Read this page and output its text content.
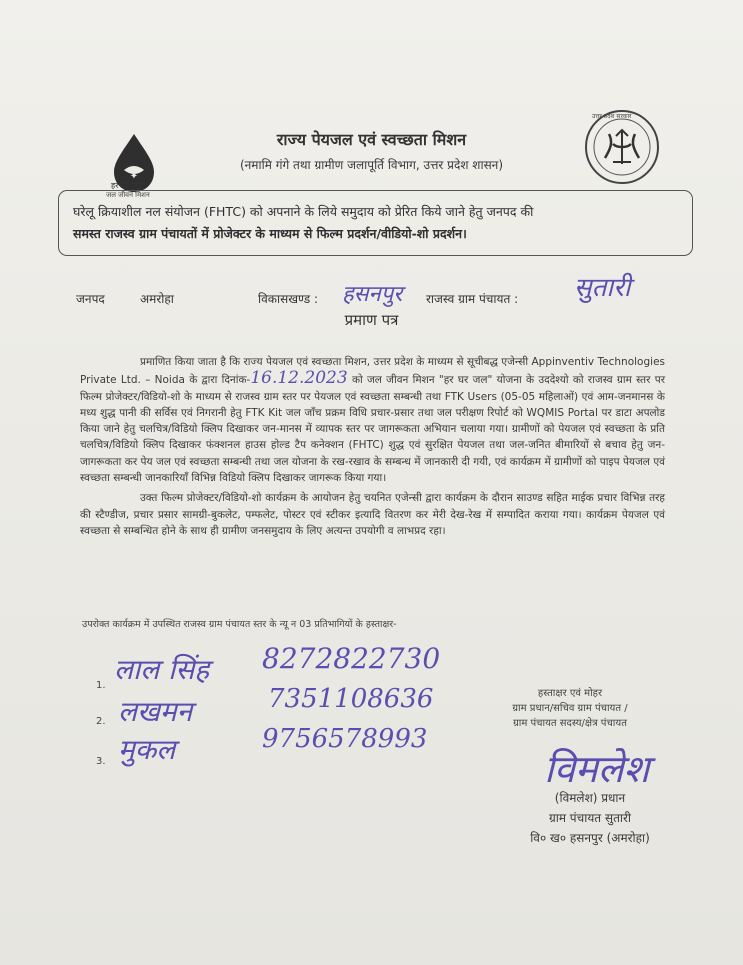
✦
हर घर जल
जल जीवन मिशन
उत्तर प्रदेश सरकार
राज्य पेयजल एवं स्वच्छता मिशन
(नमामि गंगे तथा ग्रामीण जलापूर्ति विभाग, उत्तर प्रदेश शासन)
घरेलू क्रियाशील नल संयोजन (FHTC) को अपनाने के लिये समुदाय को प्रेरित किये जाने हेतु जनपद की
समस्त राजस्व ग्राम पंचायतों में प्रोजेक्टर के माध्यम से फिल्म प्रदर्शन/वीडियो-शो प्रदर्शन।
जनपद	अमरोहा	विकासखण्ड : हसनपुर राजस्व ग्राम पंचायत : सुतारी
प्रमाण पत्र

प्रमाणित किया जाता है कि राज्य पेयजल एवं स्वच्छता मिशन, उत्तर प्रदेश के माध्यम से सूचीबद्ध एजेन्सी Appinventiv Technologies Private Ltd. – Noida के द्वारा दिनांक-16.12.2023 को जल जीवन मिशन "हर घर जल" योजना के उददेश्यो को राजस्व ग्राम स्तर पर फिल्म प्रोजेक्टर/विडियो-शो के माध्यम से राजस्व ग्राम स्तर पर पेयजल एवं स्वच्छता सम्बन्धी तथा FTK Users (05-05 महिलाओं) एवं आम-जनमानस के मध्य शुद्ध पानी की सर्विस एवं निगरानी हेतु FTK Kit जल जाँच प्रक्रम विधि प्रचार-प्रसार तथा जल परीक्षण रिपोर्ट को WQMIS Portal पर डाटा अपलोड किया जाने हेतु चलचित्र/विडियो क्लिप दिखाकर जन-मानस में व्यापक स्तर पर जागरूकता अभियान चलाया गया। ग्रामीणों को पेयजल एवं स्वच्छता के प्रति चलचित्र/विडियो क्लिप दिखाकर फंक्शनल हाउस होल्ड टैप कनेक्शन (FHTC) शुद्ध एवं सुरक्षित पेयजल तथा जल-जनित बीमारियों से बचाव हेतु जन-जागरूकता कर पेय जल एवं स्वच्छता सम्बन्धी तथा जल योजना के रख-रखाव के सम्बन्ध में जानकारी दी गयी, एवं कार्यक्रम में ग्रामीणों को पाइप पेयजल एवं स्वच्छता सम्बन्धी जानकारियाँ विभिन्न विडियो क्लिप दिखाकर जागरूक किया गया।

उक्त फिल्म प्रोजेक्टर/विडियो-शो कार्यक्रम के आयोजन हेतु चयनित एजेन्सी द्वारा कार्यक्रम के दौरान साउण्ड सहित माईक प्रचार विभिन्न तरह की स्टैण्डीज, प्रचार प्रसार सामग्री-बुकलेट, पम्फलेट, पोस्टर एवं स्टीकर इत्यादि वितरण कर मेरी देख-रेख में सम्पादित कराया गया। कार्यक्रम पेयजल एवं स्वच्छता से सम्बन्धित होने के साथ ही ग्रामीण जनसमुदाय के लिए अत्यन्त उपयोगी व लाभप्रद रहा।

उपरोक्त कार्यक्रम में उपस्थित राजस्व ग्राम पंचायत स्तर के न्यू न 03 प्रतिभागियों के हस्ताक्षर-
1. लाल सिंह 8272822730
2. लखमन	7351108636
3. मुकल	9756578993
हस्ताक्षर एवं मोहर
ग्राम प्रधान/सचिव ग्राम पंचायत /
ग्राम पंचायत सदस्य/क्षेत्र पंचायत
विमलेश
(विमलेश) प्रधान
ग्राम पंचायत सुतारी
वि० ख० हसनपुर (अमरोहा)
